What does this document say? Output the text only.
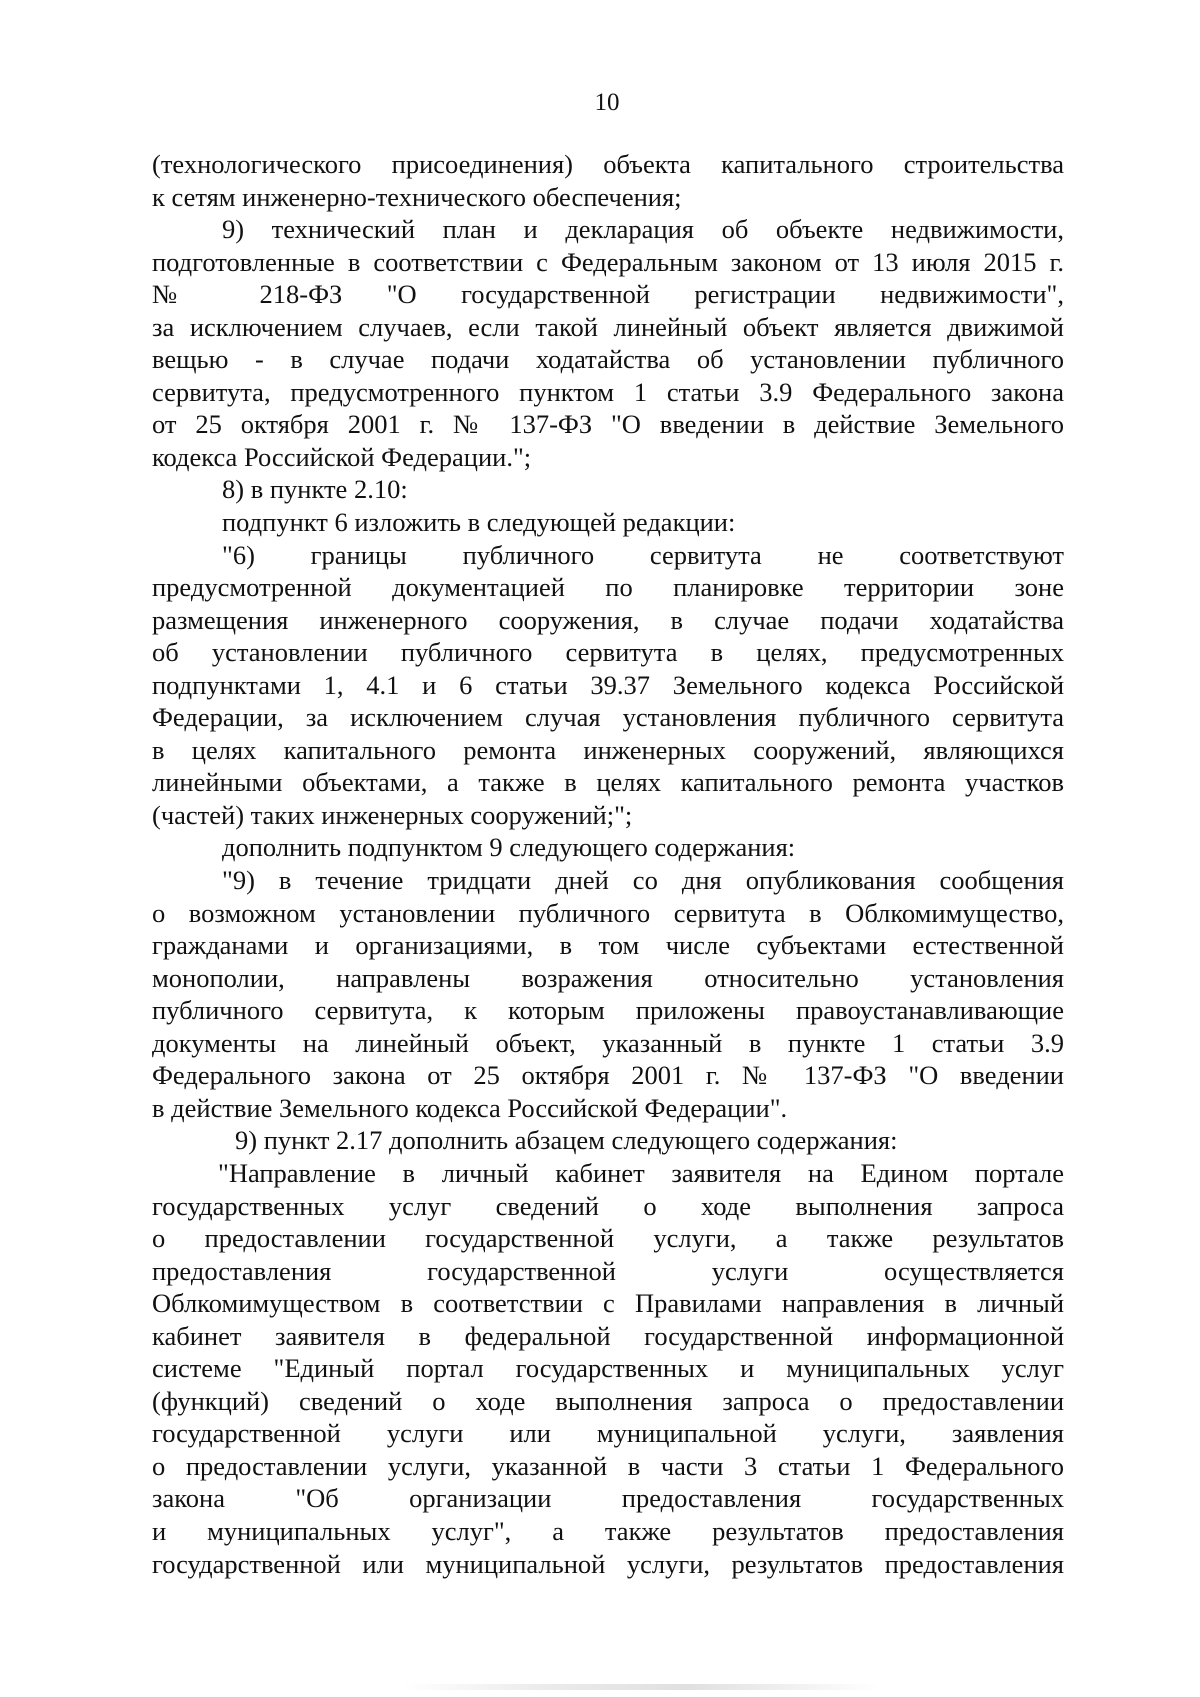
10
(технологического присоединения) объекта капитального строительства
к сетям инженерно-технического обеспечения;
9) технический план и декларация об объекте недвижимости,
подготовленные в соответствии с Федеральным законом от 13 июля 2015 г.
№ 218-ФЗ "О государственной регистрации недвижимости",
за исключением случаев, если такой линейный объект является движимой
вещью - в случае подачи ходатайства об установлении публичного
сервитута, предусмотренного пунктом 1 статьи 3.9 Федерального закона
от 25 октября 2001 г. № 137-ФЗ "О введении в действие Земельного
кодекса Российской Федерации.";
8) в пункте 2.10:
подпункт 6 изложить в следующей редакции:
"6) границы публичного сервитута не соответствуют
предусмотренной документацией по планировке территории зоне
размещения инженерного сооружения, в случае подачи ходатайства
об установлении публичного сервитута в целях, предусмотренных
подпунктами 1, 4.1 и 6 статьи 39.37 Земельного кодекса Российской
Федерации, за исключением случая установления публичного сервитута
в целях капитального ремонта инженерных сооружений, являющихся
линейными объектами, а также в целях капитального ремонта участков
(частей) таких инженерных сооружений;";
дополнить подпунктом 9 следующего содержания:
"9) в течение тридцати дней со дня опубликования сообщения
о возможном установлении публичного сервитута в Облкомимущество,
гражданами и организациями, в том числе субъектами естественной
монополии, направлены возражения относительно установления
публичного сервитута, к которым приложены правоустанавливающие
документы на линейный объект, указанный в пункте 1 статьи 3.9
Федерального закона от 25 октября 2001 г. № 137-ФЗ "О введении
в действие Земельного кодекса Российской Федерации".
9) пункт 2.17 дополнить абзацем следующего содержания:
"Направление в личный кабинет заявителя на Едином портале
государственных услуг сведений о ходе выполнения запроса
о предоставлении государственной услуги, а также результатов
предоставления государственной услуги осуществляется
Облкомимуществом в соответствии с Правилами направления в личный
кабинет заявителя в федеральной государственной информационной
системе "Единый портал государственных и муниципальных услуг
(функций) сведений о ходе выполнения запроса о предоставлении
государственной услуги или муниципальной услуги, заявления
о предоставлении услуги, указанной в части 3 статьи 1 Федерального
закона "Об организации предоставления государственных
и муниципальных услуг", а также результатов предоставления
государственной или муниципальной услуги, результатов предоставления
